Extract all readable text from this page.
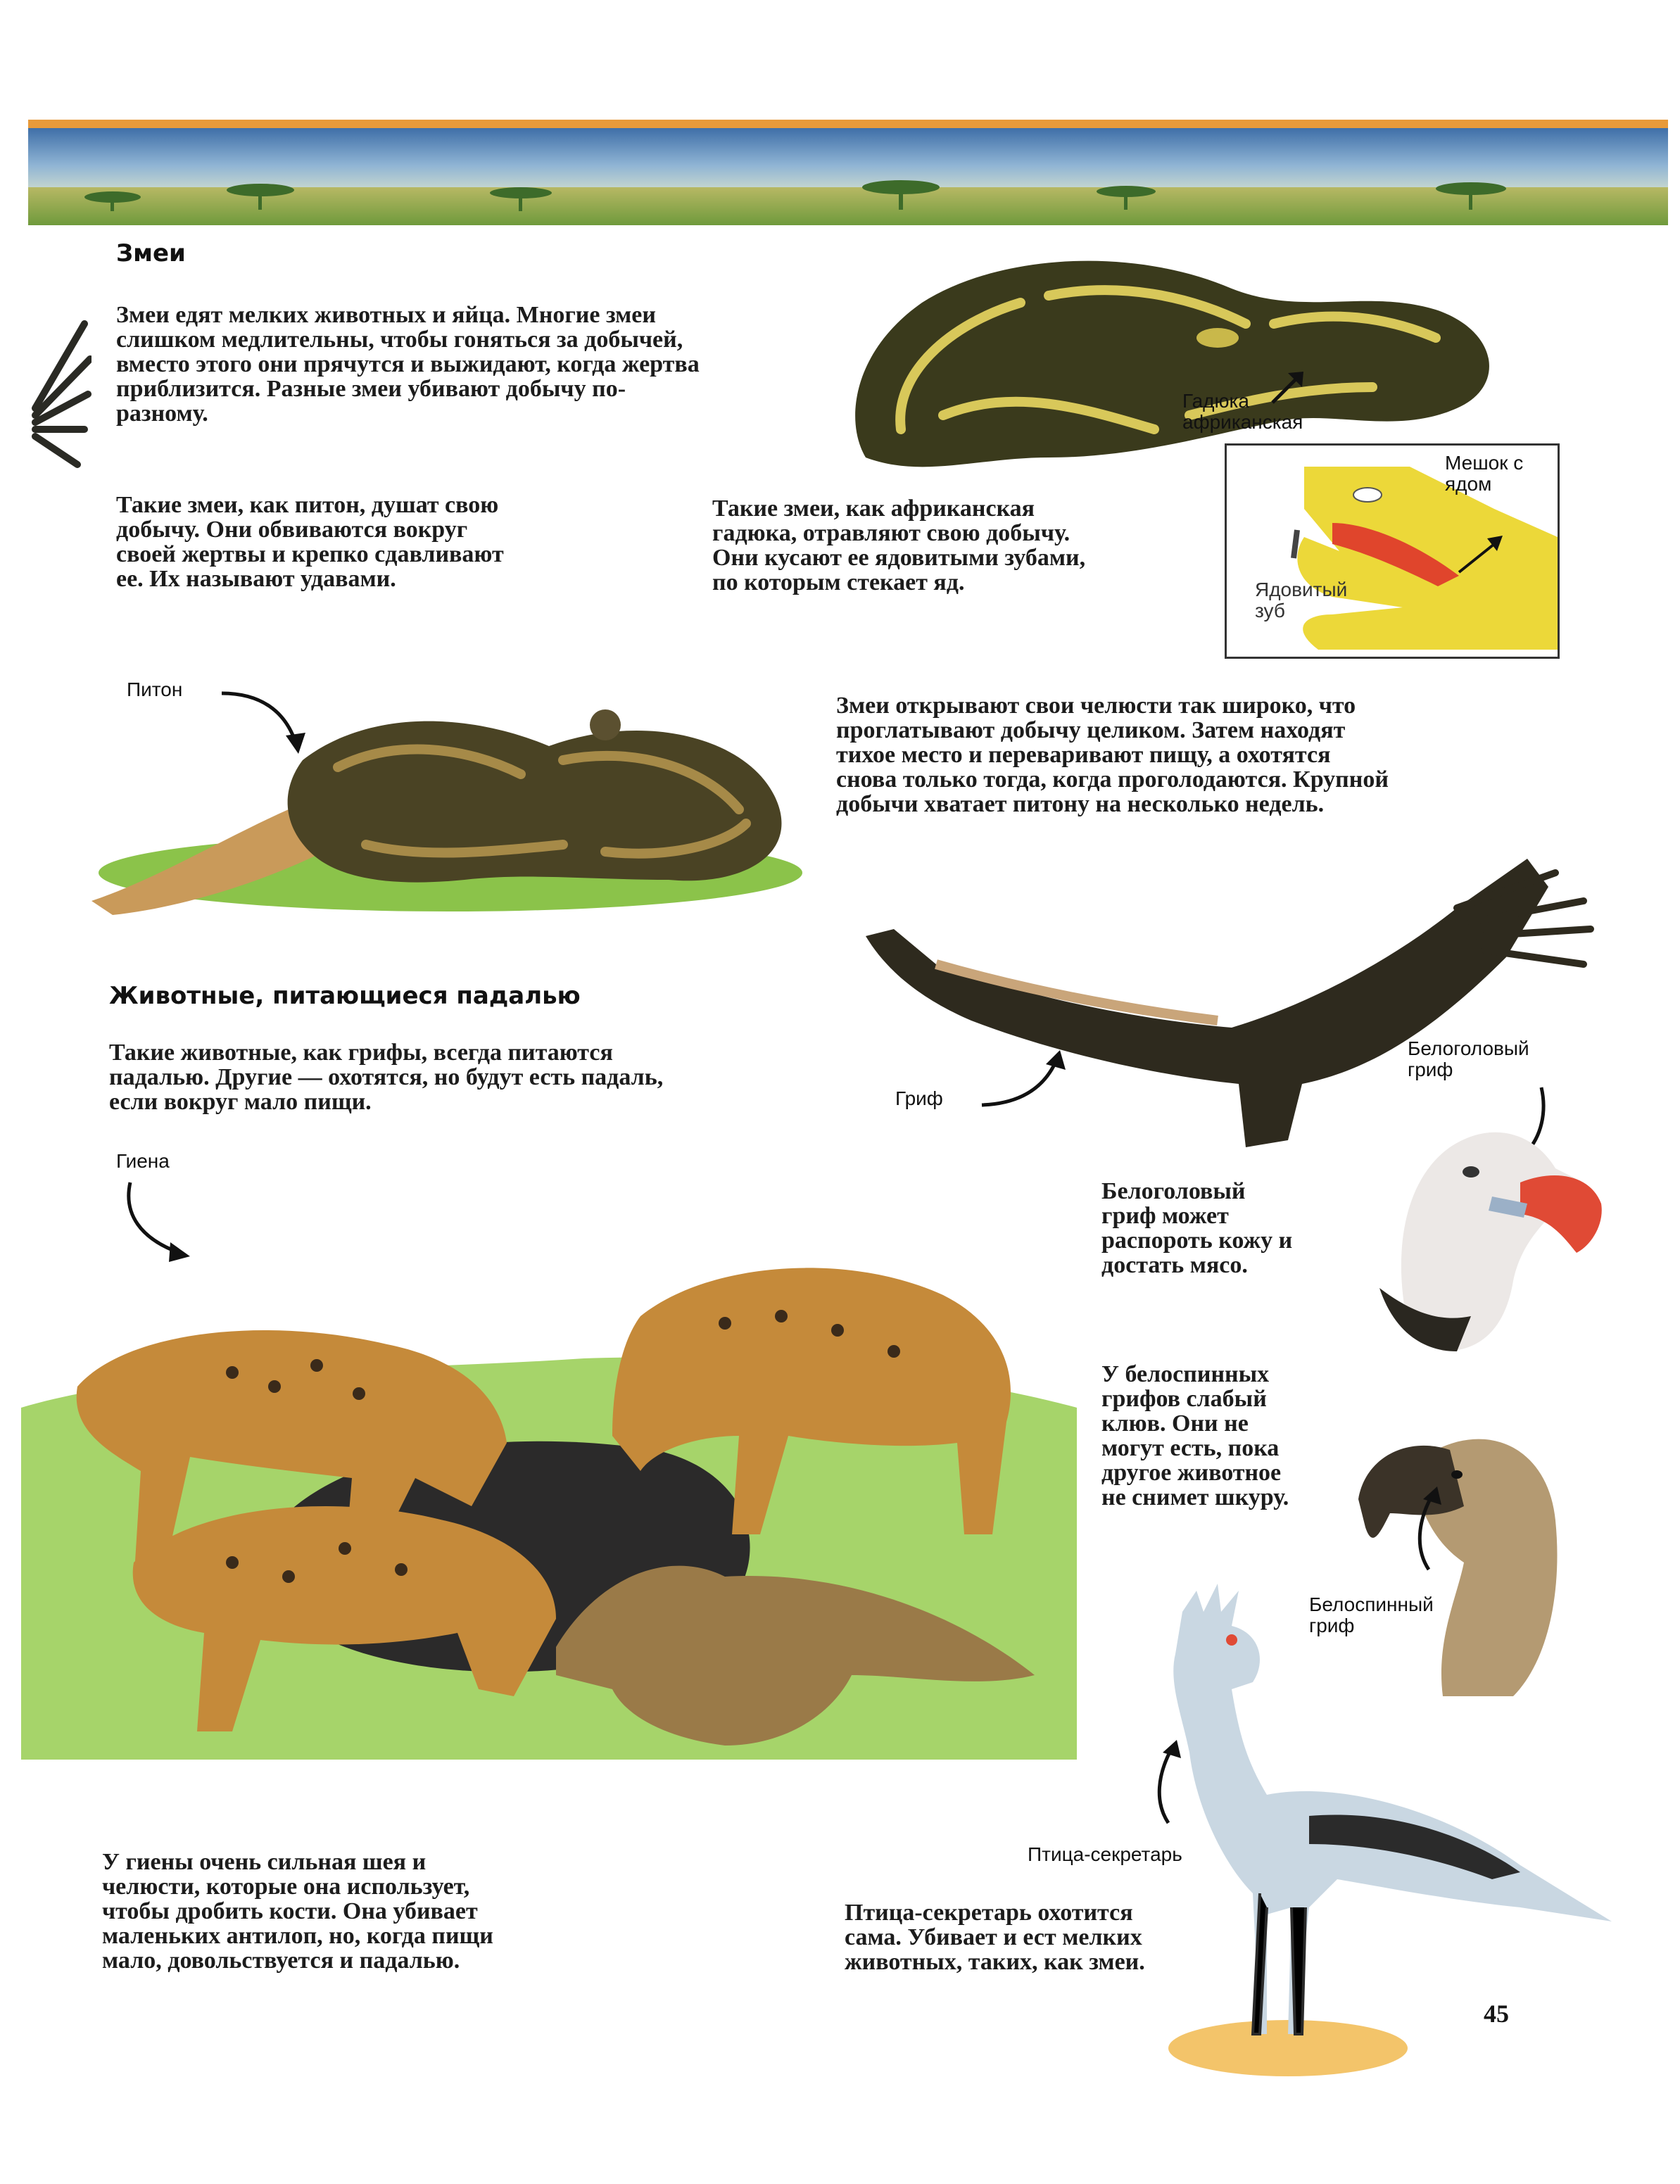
Змеи
Змеи едят мелких животных и яйца. Многие змеи
слишком медлительны, чтобы гоняться за добычей,
вместо этого они прячутся и выжидают, когда жертва
приблизится. Разные змеи убивают добычу по-
разному.	Гадюка
африканская
Мешок с
ядом
Ядовитый
зуб
Такие змеи, как питон, душат свою
добычу. Они обвиваются вокруг
своей жертвы и крепко сдавливают
ее. Их называют удавами.
Такие змеи, как африканская
гадюка, отравляют свою добычу.
Они кусают ее ядовитыми зубами,
по которым стекает яд.
Питон
Змеи открывают свои челюсти так широко, что
проглатывают добычу целиком. Затем находят
тихое место и переваривают пищу, а охотятся
снова только тогда, когда проголодаются. Крупной
добычи хватает питону на несколько недель.
Животные, питающиеся падалью
Такие животные, как грифы, всегда питаются
падалью. Другие — охотятся, но будут есть падаль,
если вокруг мало пищи.	Гриф
Белоголовый
гриф
Белоголовый
гриф может
распороть кожу и
достать мясо.
У белоспинных
грифов слабый
клюв. Они не
могут есть, пока
другое животное
не снимет шкуру.
Белоспинный
гриф
Гиена
У гиены очень сильная шея и
челюсти, которые она использует,
чтобы дробить кости. Она убивает
маленьких антилоп, но, когда пищи
мало, довольствуется и падалью.
Птица-секретарь
Птица-секретарь охотится
сама. Убивает и ест мелких
животных, таких, как змеи.
45
